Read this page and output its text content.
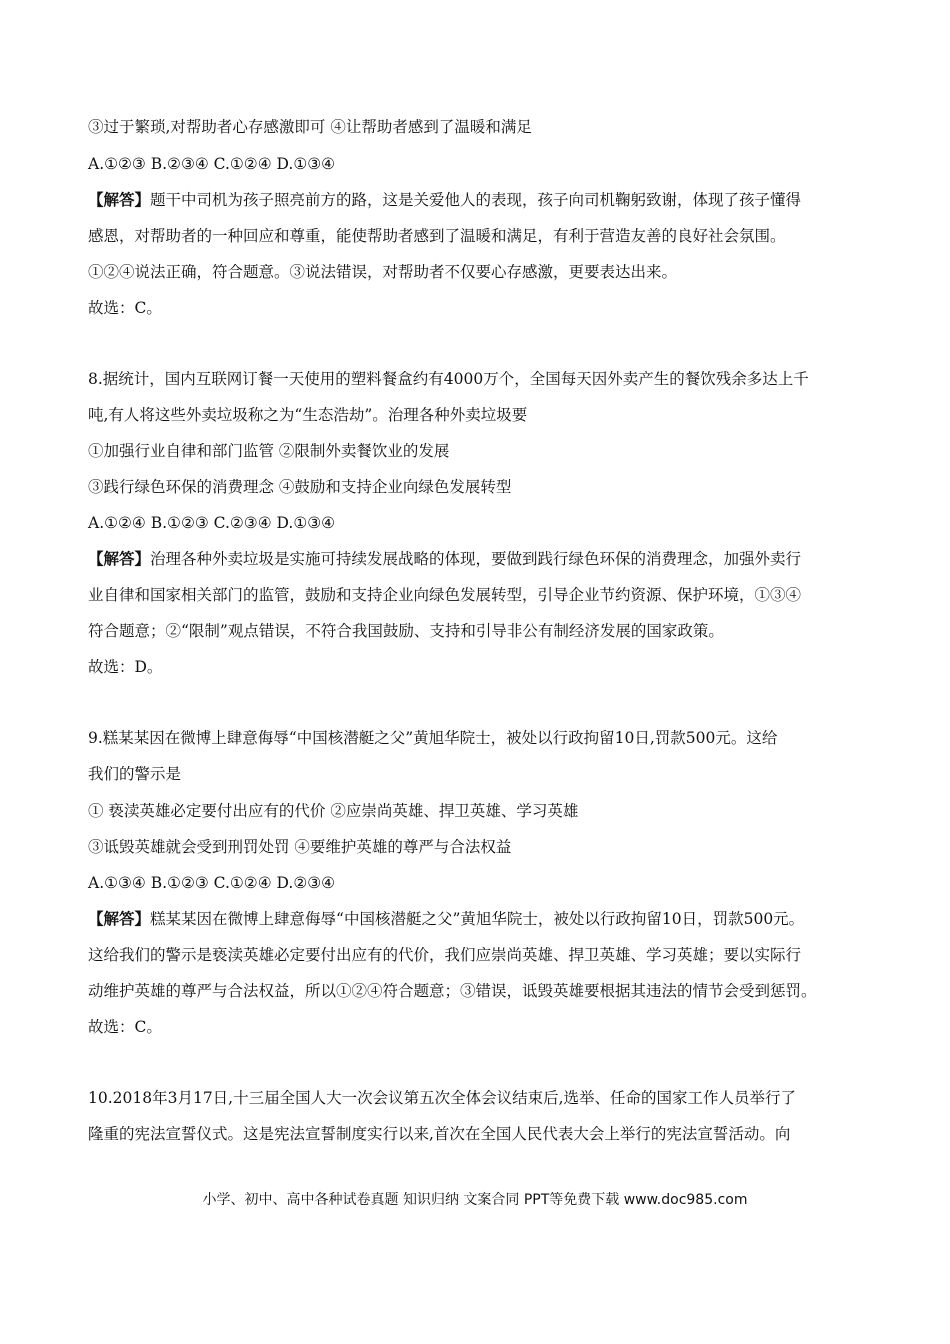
③过于繁琐,对帮助者心存感激即可 ④让帮助者感到了温暖和满足
A.①②③ B.②③④ C.①②④ D.①③④
【解答】题干中司机为孩子照亮前方的路，这是关爱他人的表现，孩子向司机鞠躬致谢，体现了孩子懂得
感恩，对帮助者的一种回应和尊重，能使帮助者感到了温暖和满足，有利于营造友善的良好社会氛围。
①②④说法正确，符合题意。③说法错误，对帮助者不仅要心存感激，更要表达出来。
故选：C。
8.据统计，国内互联网订餐一天使用的塑料餐盒约有4000万个，全国每天因外卖产生的餐饮残余多达上千
吨,有人将这些外卖垃圾称之为“生态浩劫”。治理各种外卖垃圾要
①加强行业自律和部门监管 ②限制外卖餐饮业的发展
③践行绿色环保的消费理念 ④鼓励和支持企业向绿色发展转型
A.①②④ B.①②③ C.②③④ D.①③④
【解答】治理各种外卖垃圾是实施可持续发展战略的体现，要做到践行绿色环保的消费理念，加强外卖行
业自律和国家相关部门的监管，鼓励和支持企业向绿色发展转型，引导企业节约资源、保护环境，①③④
符合题意；②“限制”观点错误，不符合我国鼓励、支持和引导非公有制经济发展的国家政策。
故选：D。
9.糕某某因在微博上肆意侮辱“中国核潜艇之父”黄旭华院士，被处以行政拘留10日,罚款500元。这给
我们的警示是
① 亵渎英雄必定要付出应有的代价 ②应崇尚英雄、捍卫英雄、学习英雄
③诋毁英雄就会受到刑罚处罚 ④要维护英雄的尊严与合法权益
A.①③④ B.①②③ C.①②④ D.②③④
【解答】糕某某因在微博上肆意侮辱“中国核潜艇之父”黄旭华院士，被处以行政拘留10日，罚款500元。
这给我们的警示是亵渎英雄必定要付出应有的代价，我们应崇尚英雄、捍卫英雄、学习英雄；要以实际行
动维护英雄的尊严与合法权益，所以①②④符合题意；③错误，诋毁英雄要根据其违法的情节会受到惩罚。
故选：C。
10.2018年3月17日,十三届全国人大一次会议第五次全体会议结束后,选举、任命的国家工作人员举行了
隆重的宪法宣誓仪式。这是宪法宣誓制度实行以来,首次在全国人民代表大会上举行的宪法宣誓活动。向
小学、初中、高中各种试卷真题 知识归纳 文案合同 PPT等免费下载 www.doc985.com
